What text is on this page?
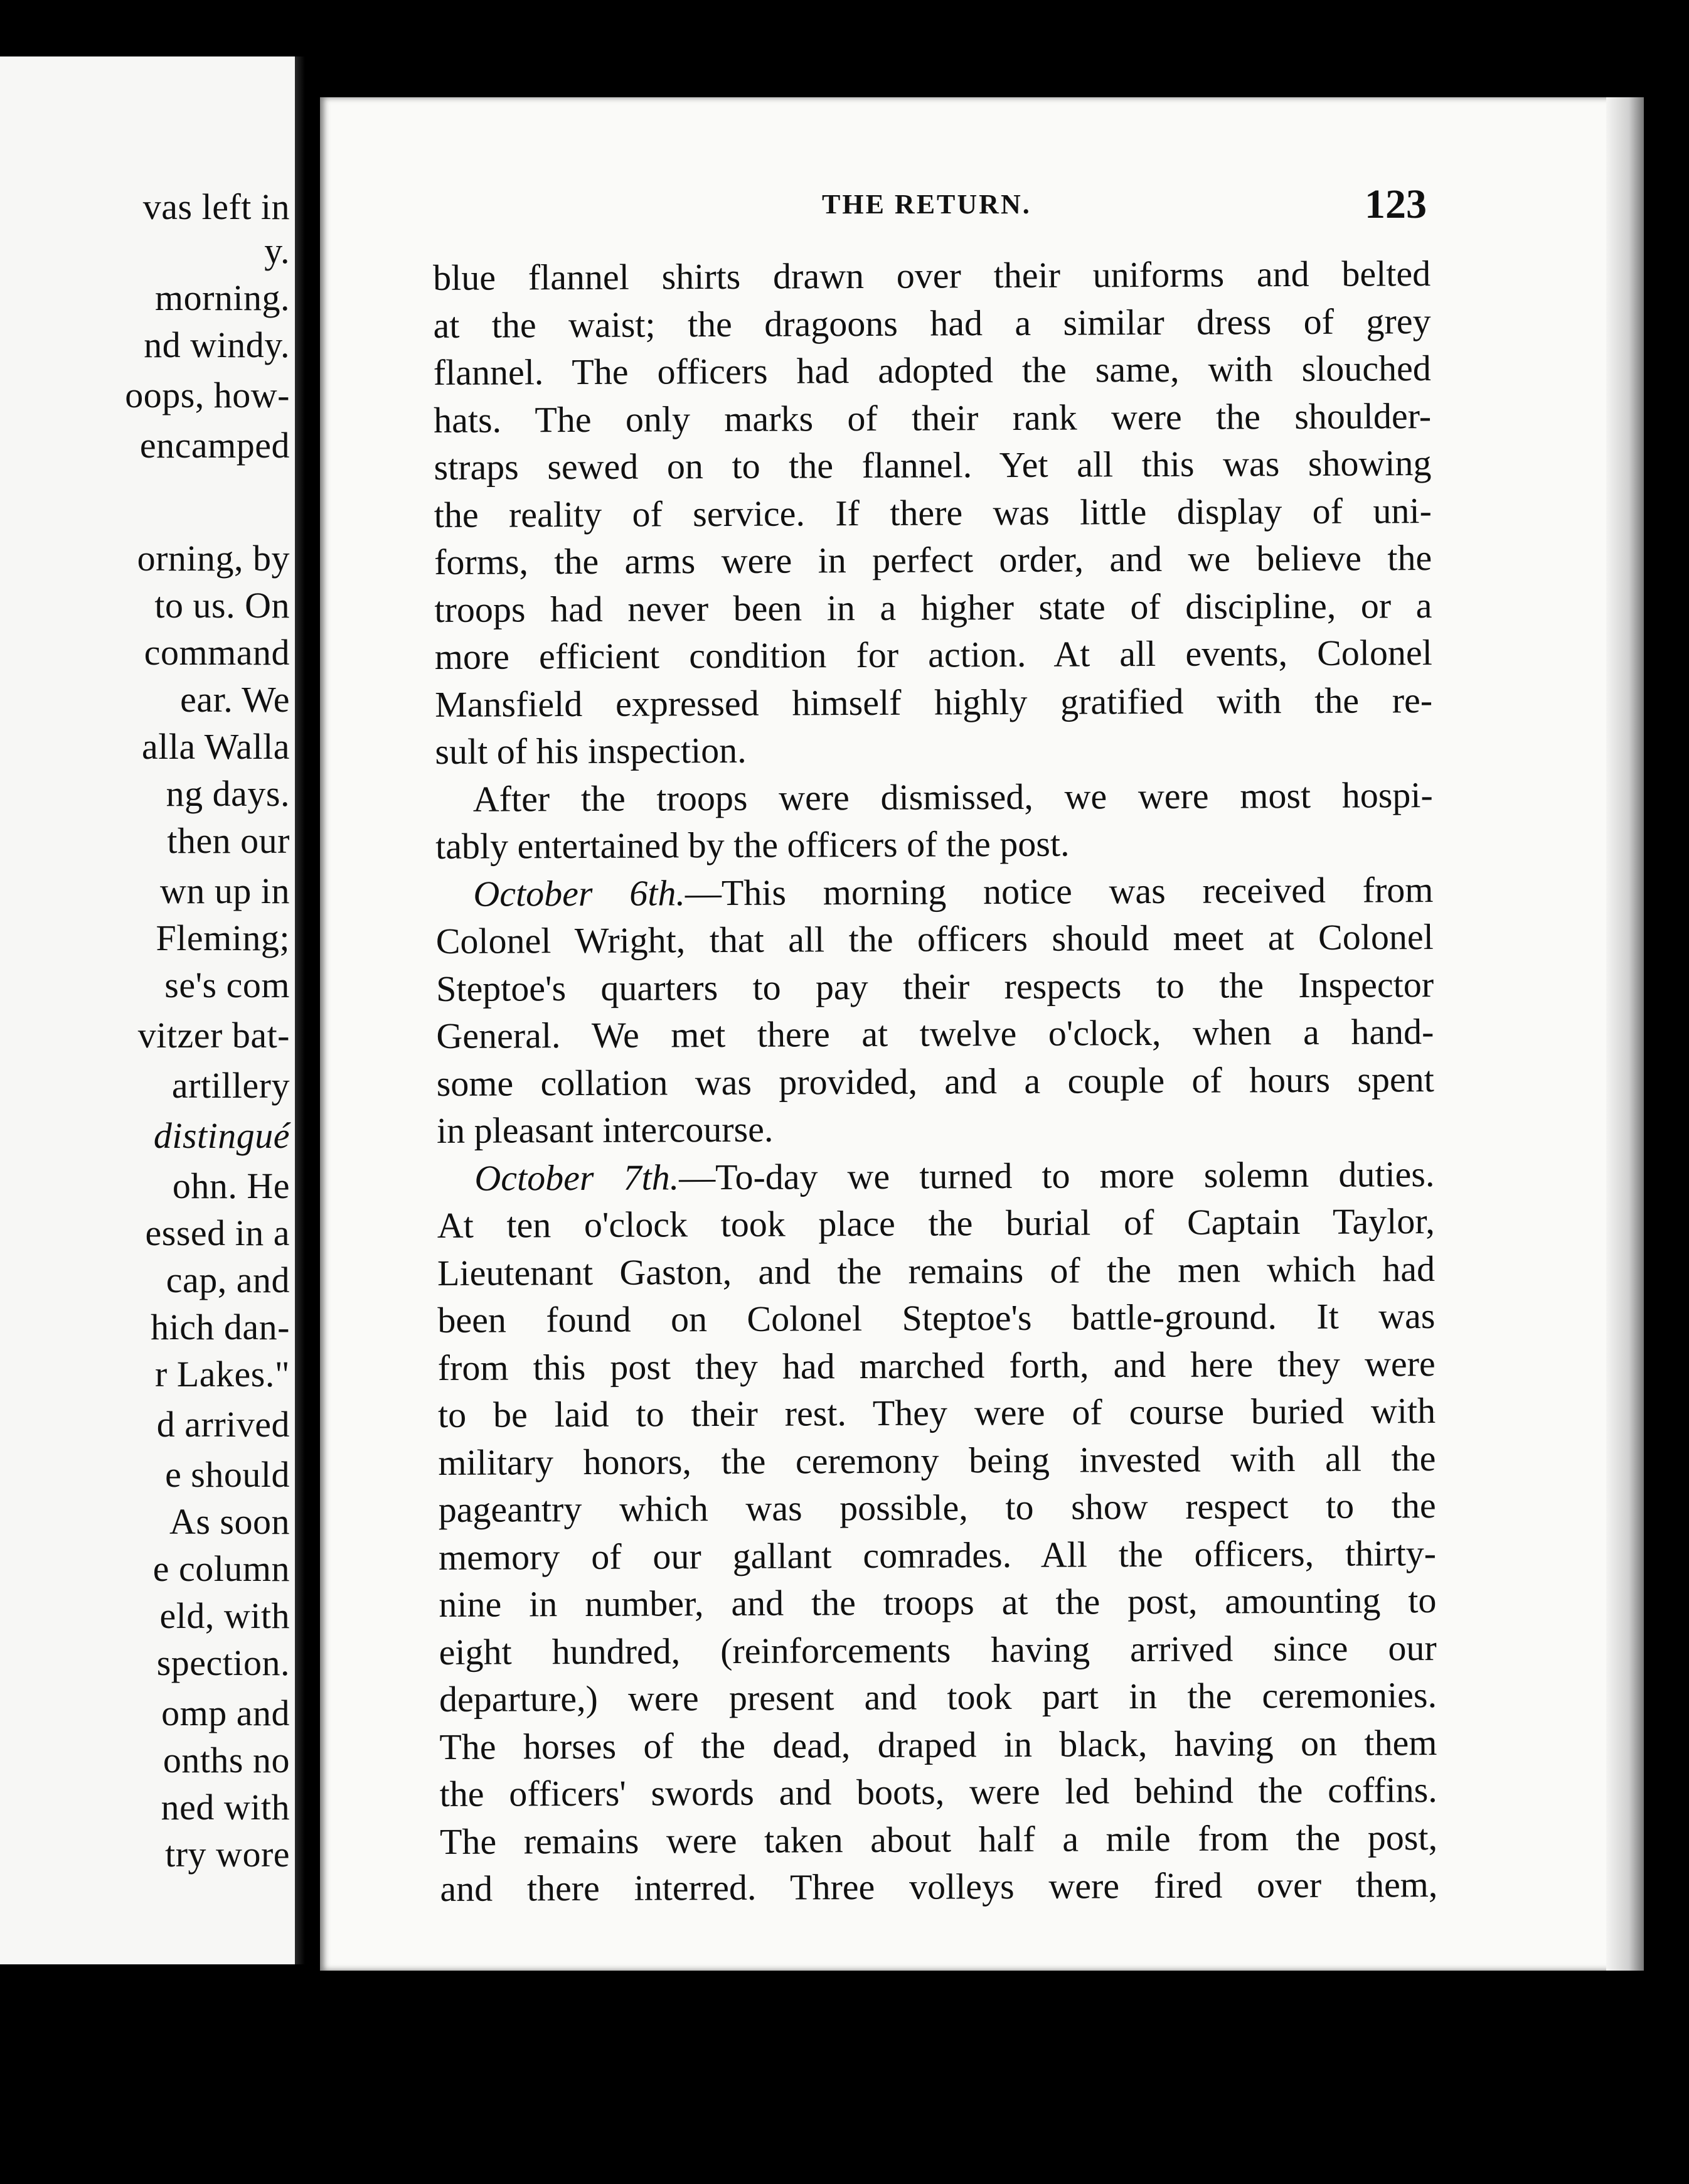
vas left in
y.
morning.
nd windy.
oops, how-
encamped
orning, by
to us. On
command
ear. We
alla Walla
ng days.
then our
wn up in
Fleming;
se's com
vitzer bat-
artillery
distingué
ohn. He
essed in a
cap, and
hich dan-
r Lakes."
d arrived
e should
As soon
e column
eld, with
spection.
omp and
onths no
ned with
try wore
THE RETURN.	123
blue flannel shirts drawn over their uniforms and belted
at the waist; the dragoons had a similar dress of grey
flannel. The officers had adopted the same, with slouched
hats. The only marks of their rank were the shoulder-
straps sewed on to the flannel. Yet all this was showing
the reality of service. If there was little display of uni-
forms, the arms were in perfect order, and we believe the
troops had never been in a higher state of discipline, or a
more efficient condition for action. At all events, Colonel
Mansfield expressed himself highly gratified with the re-
sult of his inspection.
After the troops were dismissed, we were most hospi-
tably entertained by the officers of the post.
October 6th.—This morning notice was received from
Colonel Wright, that all the officers should meet at Colonel
Steptoe's quarters to pay their respects to the Inspector
General. We met there at twelve o'clock, when a hand-
some collation was provided, and a couple of hours spent
in pleasant intercourse.
October 7th.—To-day we turned to more solemn duties.
At ten o'clock took place the burial of Captain Taylor,
Lieutenant Gaston, and the remains of the men which had
been found on Colonel Steptoe's battle-ground. It was
from this post they had marched forth, and here they were
to be laid to their rest. They were of course buried with
military honors, the ceremony being invested with all the
pageantry which was possible, to show respect to the
memory of our gallant comrades. All the officers, thirty-
nine in number, and the troops at the post, amounting to
eight hundred, (reinforcements having arrived since our
departure,) were present and took part in the ceremonies.
The horses of the dead, draped in black, having on them
the officers' swords and boots, were led behind the coffins.
The remains were taken about half a mile from the post,
and there interred. Three volleys were fired over them,
